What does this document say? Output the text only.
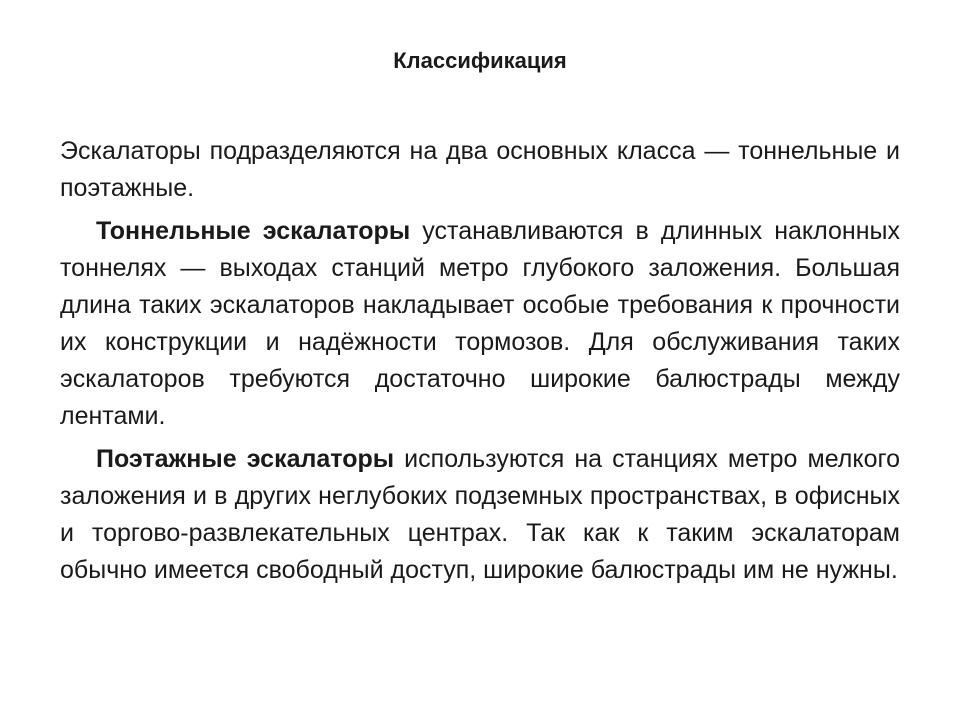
Классификация

Эскалаторы подразделяются на два основных класса — тоннельные и поэтажные.

Тоннельные эскалаторы устанавливаются в длинных наклонных тоннелях — выходах станций метро глубокого заложения. Большая длина таких эскалаторов накладывает особые требования к прочности их конструкции и надёжности тормозов. Для обслуживания таких эскалаторов требуются достаточно широкие балюстрады между лентами.

Поэтажные эскалаторы используются на станциях метро мелкого заложения и в других неглубоких подземных пространствах, в офисных и торгово-развлекательных центрах. Так как к таким эскалаторам обычно имеется свободный доступ, широкие балюстрады им не нужны.
